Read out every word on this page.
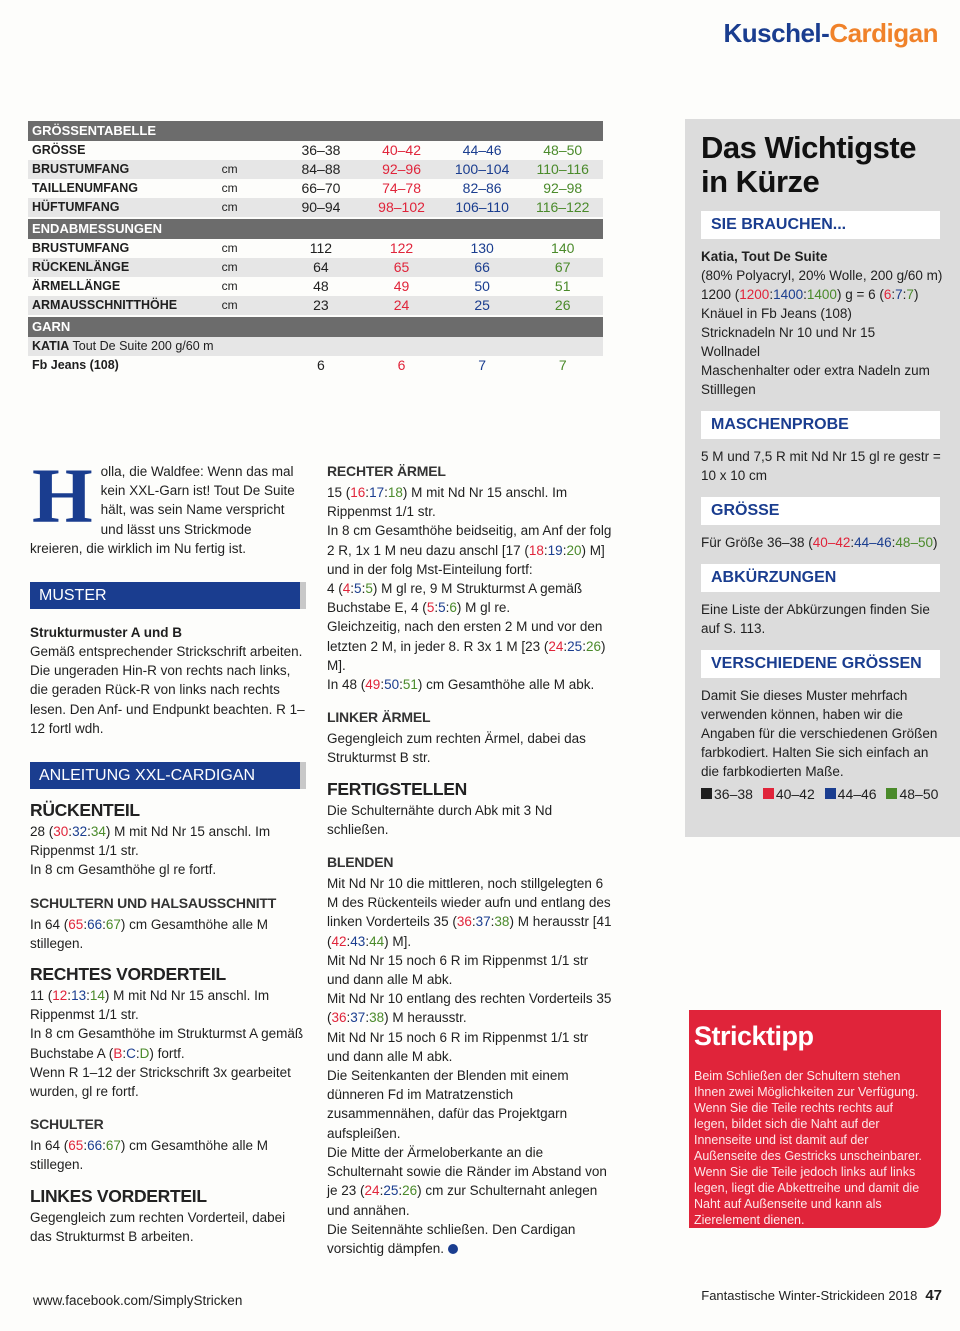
Kuschel-Cardigan
GRÖSSENTABELLE
GRÖSSE	36–38	40–42	44–46	48–50
BRUSTUMFANG	cm	84–88	92–96	100–104	110–116
TAILLENUMFANG	cm	66–70	74–78	82–86	92–98
HÜFTUMFANG	cm	90–94	98–102	106–110	116–122
ENDABMESSUNGEN
BRUSTUMFANG	cm	112	122	130	140
RÜCKENLÄNGE	cm	64	65	66	67
ÄRMELLÄNGE	cm	48	49	50	51
ARMAUSSCHNITTHÖHE	cm	23	24	25	26
GARN
KATIA Tout De Suite 200 g/60 m
Fb Jeans (108)	6	6	7	7
Holla, die Waldfee: Wenn das mal kein XXL-Garn ist! Tout De Suite hält, was sein Name verspricht und lässt uns Strickmode kreieren, die wirklich im Nu fertig ist.
MUSTER
Strukturmuster A und B
Gemäß entsprechender Strickschrift arbeiten. Die ungeraden Hin-R von rechts nach links, die geraden Rück-R von links nach rechts lesen. Den Anf- und Endpunkt beachten. R 1–12 fortl wdh.
ANLEITUNG XXL-CARDIGAN
RÜCKENTEIL
28 (30:32:34) M mit Nd Nr 15 anschl. Im Rippenmst 1/1 str.
In 8 cm Gesamthöhe gl re fortf.
SCHULTERN UND HALSAUSSCHNITT
In 64 (65:66:67) cm Gesamthöhe alle M stillegen.
RECHTES VORDERTEIL
11 (12:13:14) M mit Nd Nr 15 anschl. Im Rippenmst 1/1 str.
In 8 cm Gesamthöhe im Strukturmst A gemäß Buchstabe A (B:C:D) fortf.
Wenn R 1–12 der Strickschrift 3x gearbeitet wurden, gl re fortf.
SCHULTER
In 64 (65:66:67) cm Gesamthöhe alle M stillegen.
LINKES VORDERTEIL
Gegengleich zum rechten Vorderteil, dabei das Strukturmst B arbeiten.
RECHTER ÄRMEL
15 (16:17:18) M mit Nd Nr 15 anschl. Im Rippenmst 1/1 str.
In 8 cm Gesamthöhe beidseitig, am Anf der folg 2 R, 1x 1 M neu dazu anschl [17 (18:19:20) M] und in der folg Mst-Einteilung fortf:
4 (4:5:5) M gl re, 9 M Strukturmst A gemäß Buchstabe E, 4 (5:5:6) M gl re.
Gleichzeitig, nach den ersten 2 M und vor den letzten 2 M, in jeder 8. R 3x 1 M [23 (24:25:26) M].
In 48 (49:50:51) cm Gesamthöhe alle M abk.
LINKER ÄRMEL
Gegengleich zum rechten Ärmel, dabei das Strukturmst B str.
FERTIGSTELLEN
Die Schulternähte durch Abk mit 3 Nd schließen.
BLENDEN
Mit Nd Nr 10 die mittleren, noch stillgelegten 6 M des Rückenteils wieder aufn und entlang des linken Vorderteils 35 (36:37:38) M herausstr [41 (42:43:44) M].
Mit Nd Nr 15 noch 6 R im Rippenmst 1/1 str und dann alle M abk.
Mit Nd Nr 10 entlang des rechten Vorderteils 35 (36:37:38) M herausstr.
Mit Nd Nr 15 noch 6 R im Rippenmst 1/1 str und dann alle M abk.
Die Seitenkanten der Blenden mit einem dünneren Fd im Matratzenstich zusammennähen, dafür das Projektgarn aufspleißen.
Die Mitte der Ärmeloberkante an die Schulternaht sowie die Ränder im Abstand von je 23 (24:25:26) cm zur Schulternaht anlegen und annähen.
Die Seitennähte schließen. Den Cardigan vorsichtig dämpfen.
Das Wichtigste
in Kürze
SIE BRAUCHEN...
Katia, Tout De Suite
(80% Polyacryl, 20% Wolle, 200 g/60 m)
1200 (1200:1400:1400) g = 6 (6:7:7)
Knäuel in Fb Jeans (108)
Stricknadeln Nr 10 und Nr 15
Wollnadel
Maschenhalter oder extra Nadeln zum Stilllegen
MASCHENPROBE
5 M und 7,5 R mit Nd Nr 15 gl re gestr = 10 x 10 cm
GRÖSSE
Für Größe 36–38 (40–42:44–46:48–50)
ABKÜRZUNGEN
Eine Liste der Abkürzungen finden Sie auf S. 113.
VERSCHIEDENE GRÖSSEN
Damit Sie dieses Muster mehrfach verwenden können, haben wir die Angaben für die verschiedenen Größen farbkodiert. Halten Sie sich einfach an die farbkodierten Maße.
36–38 40–42 44–46 48–50
Stricktipp
Beim Schließen der Schultern stehen Ihnen zwei Möglichkeiten zur Verfügung. Wenn Sie die Teile rechts rechts auf legen, bildet sich die Naht auf der Innenseite und ist damit auf der Außenseite des Gestricks unscheinbarer. Wenn Sie die Teile jedoch links auf links legen, liegt die Abkettreihe und damit die Naht auf Außenseite und kann als Zierelement dienen.
www.facebook.com/SimplyStricken	Fantastische Winter-Strickideen 2018 47
